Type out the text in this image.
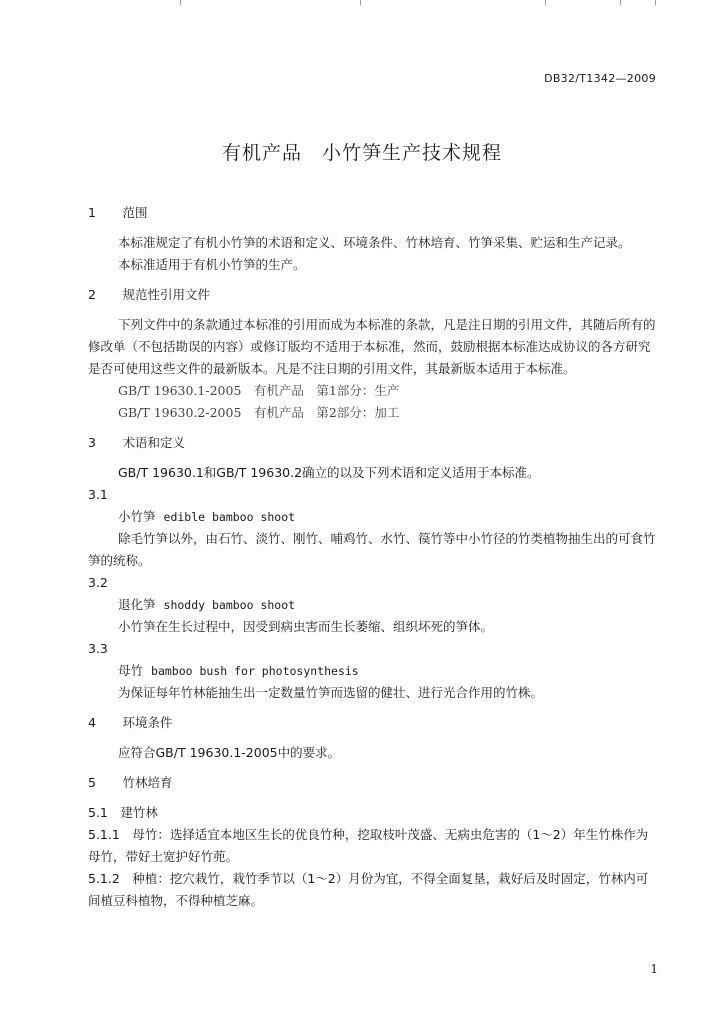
DB32/T1342—2009
有机产品　小竹笋生产技术规程

1　 范围

本标准规定了有机小竹笋的术语和定义、环境条件、竹林培育、竹笋采集、贮运和生产记录。

本标准适用于有机小竹笋的生产。

2　 规范性引用文件

下列文件中的条款通过本标准的引用而成为本标准的条款，凡是注日期的引用文件，其随后所有的修改单（不包括勘误的内容）或修订版均不适用于本标准，然而，鼓励根据本标准达成协议的各方研究是否可使用这些文件的最新版本。凡是不注日期的引用文件，其最新版本适用于本标准。

GB/T 19630.1-2005　有机产品　第1部分：生产

GB/T 19630.2-2005　有机产品　第2部分：加工

3　 术语和定义

GB/T 19630.1和GB/T 19630.2确立的以及下列术语和定义适用于本标准。

3.1

小竹笋 edible bamboo shoot

除毛竹笋以外，由石竹、淡竹、刚竹、哺鸡竹、水竹、篌竹等中小竹径的竹类植物抽生出的可食竹笋的统称。

3.2

退化笋 shoddy bamboo shoot

小竹笋在生长过程中，因受到病虫害而生长萎缩、组织坏死的笋体。

3.3

母竹 bamboo bush for photosynthesis

为保证每年竹林能抽生出一定数量竹笋而选留的健壮、进行光合作用的竹株。

4　 环境条件

应符合GB/T 19630.1-2005中的要求。

5　 竹林培育

5.1　 建竹林

5.1.1　 母竹：选择适宜本地区生长的优良竹种，挖取枝叶茂盛、无病虫危害的（1～2）年生竹株作为母竹，带好土宽护好竹蔸。

5.1.2　 种植：挖穴栽竹，栽竹季节以（1～2）月份为宜，不得全面复垦，栽好后及时固定，竹林内可间植豆科植物，不得种植芝麻。

1
